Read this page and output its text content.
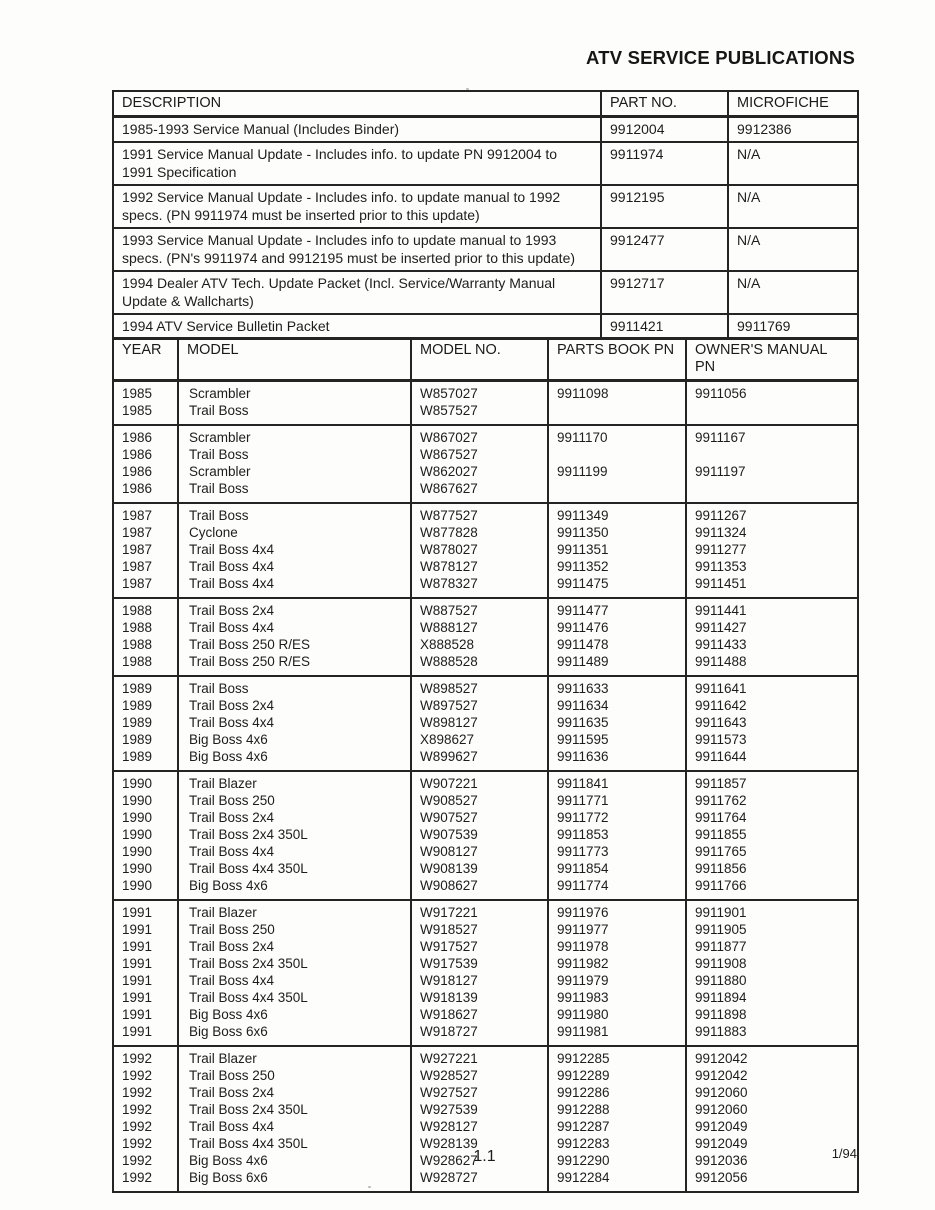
ATV SERVICE PUBLICATIONS
DESCRIPTION	PART NO.	MICROFICHE
1985-1993 Service Manual (Includes Binder)	9912004	9912386
1991 Service Manual Update - Includes info. to update PN 9912004 to 1991 Specification	9911974	N/A
1992 Service Manual Update - Includes info. to update manual to 1992 specs. (PN 9911974 must be inserted prior to this update)	9912195	N/A
1993 Service Manual Update - Includes info to update manual to 1993 specs. (PN's 9911974 and 9912195 must be inserted prior to this update)	9912477	N/A
1994 Dealer ATV Tech. Update Packet (Incl. Service/Warranty Manual Update & Wallcharts)	9912717	N/A
1994 ATV Service Bulletin Packet	9911421	9911769
YEAR	MODEL	MODEL NO.	PARTS BOOK PN	OWNER'S MANUAL PN
1985	Scrambler	W857027	9911098	9911056
1985	Trail Boss	W857527		
1986	Scrambler	W867027	9911170	9911167
1986	Trail Boss	W867527		
1986	Scrambler	W862027	9911199	9911197
1986	Trail Boss	W867627		
1987	Trail Boss	W877527	9911349	9911267
1987	Cyclone	W877828	9911350	9911324
1987	Trail Boss 4x4	W878027	9911351	9911277
1987	Trail Boss 4x4	W878127	9911352	9911353
1987	Trail Boss 4x4	W878327	9911475	9911451
1988	Trail Boss 2x4	W887527	9911477	9911441
1988	Trail Boss 4x4	W888127	9911476	9911427
1988	Trail Boss 250 R/ES	X888528	9911478	9911433
1988	Trail Boss 250 R/ES	W888528	9911489	9911488
1989	Trail Boss	W898527	9911633	9911641
1989	Trail Boss 2x4	W897527	9911634	9911642
1989	Trail Boss 4x4	W898127	9911635	9911643
1989	Big Boss 4x6	X898627	9911595	9911573
1989	Big Boss 4x6	W899627	9911636	9911644
1990	Trail Blazer	W907221	9911841	9911857
1990	Trail Boss 250	W908527	9911771	9911762
1990	Trail Boss 2x4	W907527	9911772	9911764
1990	Trail Boss 2x4 350L	W907539	9911853	9911855
1990	Trail Boss 4x4	W908127	9911773	9911765
1990	Trail Boss 4x4 350L	W908139	9911854	9911856
1990	Big Boss 4x6	W908627	9911774	9911766
1991	Trail Blazer	W917221	9911976	9911901
1991	Trail Boss 250	W918527	9911977	9911905
1991	Trail Boss 2x4	W917527	9911978	9911877
1991	Trail Boss 2x4 350L	W917539	9911982	9911908
1991	Trail Boss 4x4	W918127	9911979	9911880
1991	Trail Boss 4x4 350L	W918139	9911983	9911894
1991	Big Boss 4x6	W918627	9911980	9911898
1991	Big Boss 6x6	W918727	9911981	9911883
1992	Trail Blazer	W927221	9912285	9912042
1992	Trail Boss 250	W928527	9912289	9912042
1992	Trail Boss 2x4	W927527	9912286	9912060
1992	Trail Boss 2x4 350L	W927539	9912288	9912060
1992	Trail Boss 4x4	W928127	9912287	9912049
1992	Trail Boss 4x4 350L	W928139	9912283	9912049
1992	Big Boss 4x6	W928627	9912290	9912036
1992	Big Boss 6x6	W928727	9912284	9912056
1.1	1/94
